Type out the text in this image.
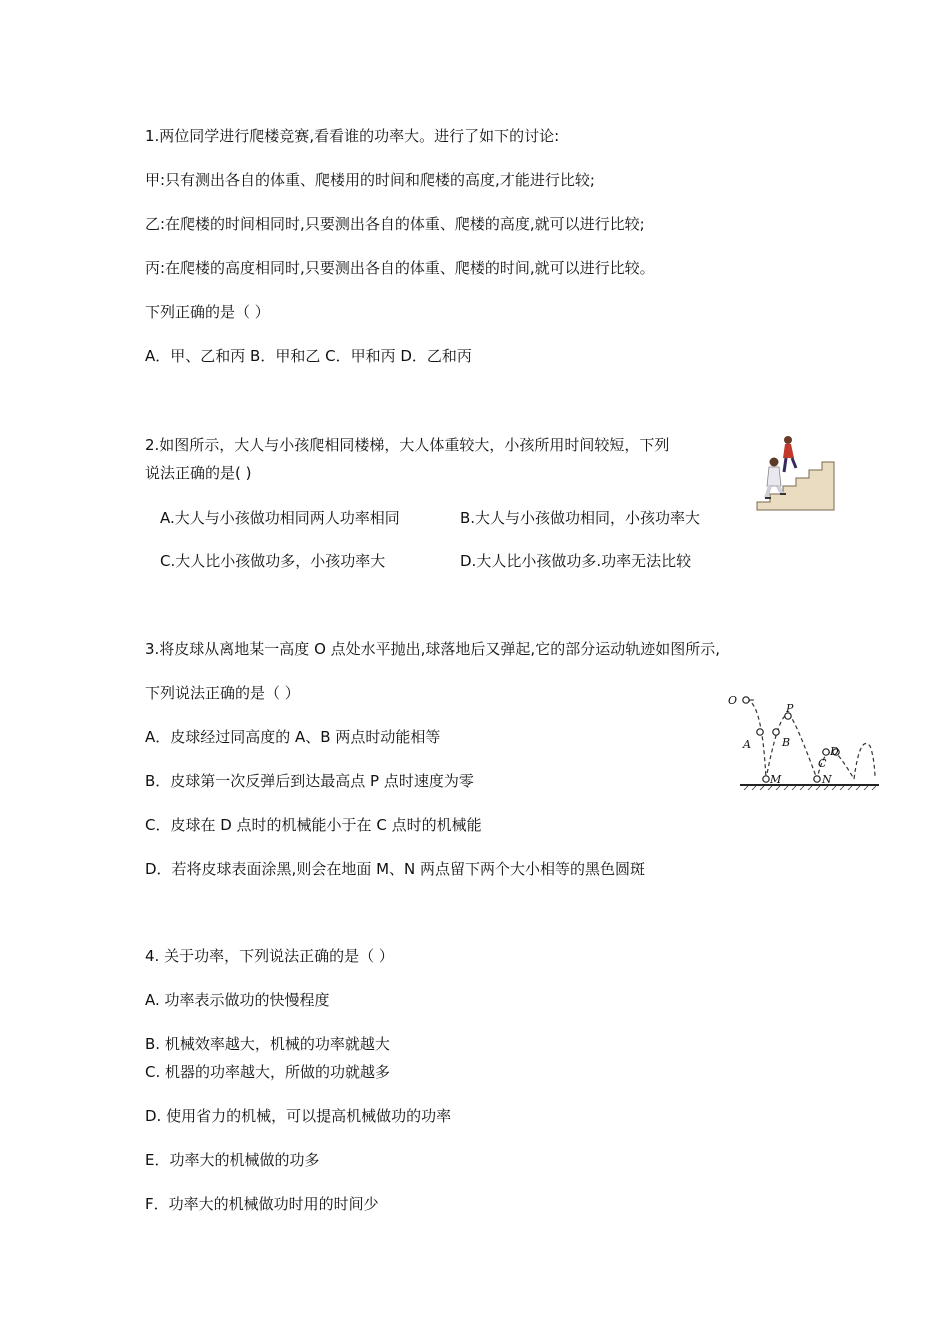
1.两位同学进行爬楼竞赛,看看谁的功率大。进行了如下的讨论:
甲:只有测出各自的体重、爬楼用的时间和爬楼的高度,才能进行比较;
乙:在爬楼的时间相同时,只要测出各自的体重、爬楼的高度,就可以进行比较;
丙:在爬楼的高度相同时,只要测出各自的体重、爬楼的时间,就可以进行比较。
下列正确的是（ ）
A．甲、乙和丙 B．甲和乙 C．甲和丙 D．乙和丙
2.如图所示，大人与小孩爬相同楼梯，大人体重较大，小孩所用时间较短，下列
说法正确的是( )
A.大人与小孩做功相同两人功率相同	B.大人与小孩做功相同，小孩功率大
C.大人比小孩做功多，小孩功率大	D.大人比小孩做功多.功率无法比较
3.将皮球从离地某一高度 O 点处水平抛出,球落地后又弹起,它的部分运动轨迹如图所示,
下列说法正确的是（ ）
A．皮球经过同高度的 A、B 两点时动能相等
B．皮球第一次反弹后到达最高点 P 点时速度为零
C．皮球在 D 点时的机械能小于在 C 点时的机械能
D．若将皮球表面涂黑,则会在地面 M、N 两点留下两个大小相等的黑色圆斑
O
P
A	B
C
D
M	N
4. 关于功率，下列说法正确的是（ ）
A. 功率表示做功的快慢程度
B. 机械效率越大，机械的功率就越大
C. 机器的功率越大，所做的功就越多
D. 使用省力的机械，可以提高机械做功的功率
E．功率大的机械做的功多
F．功率大的机械做功时用的时间少
